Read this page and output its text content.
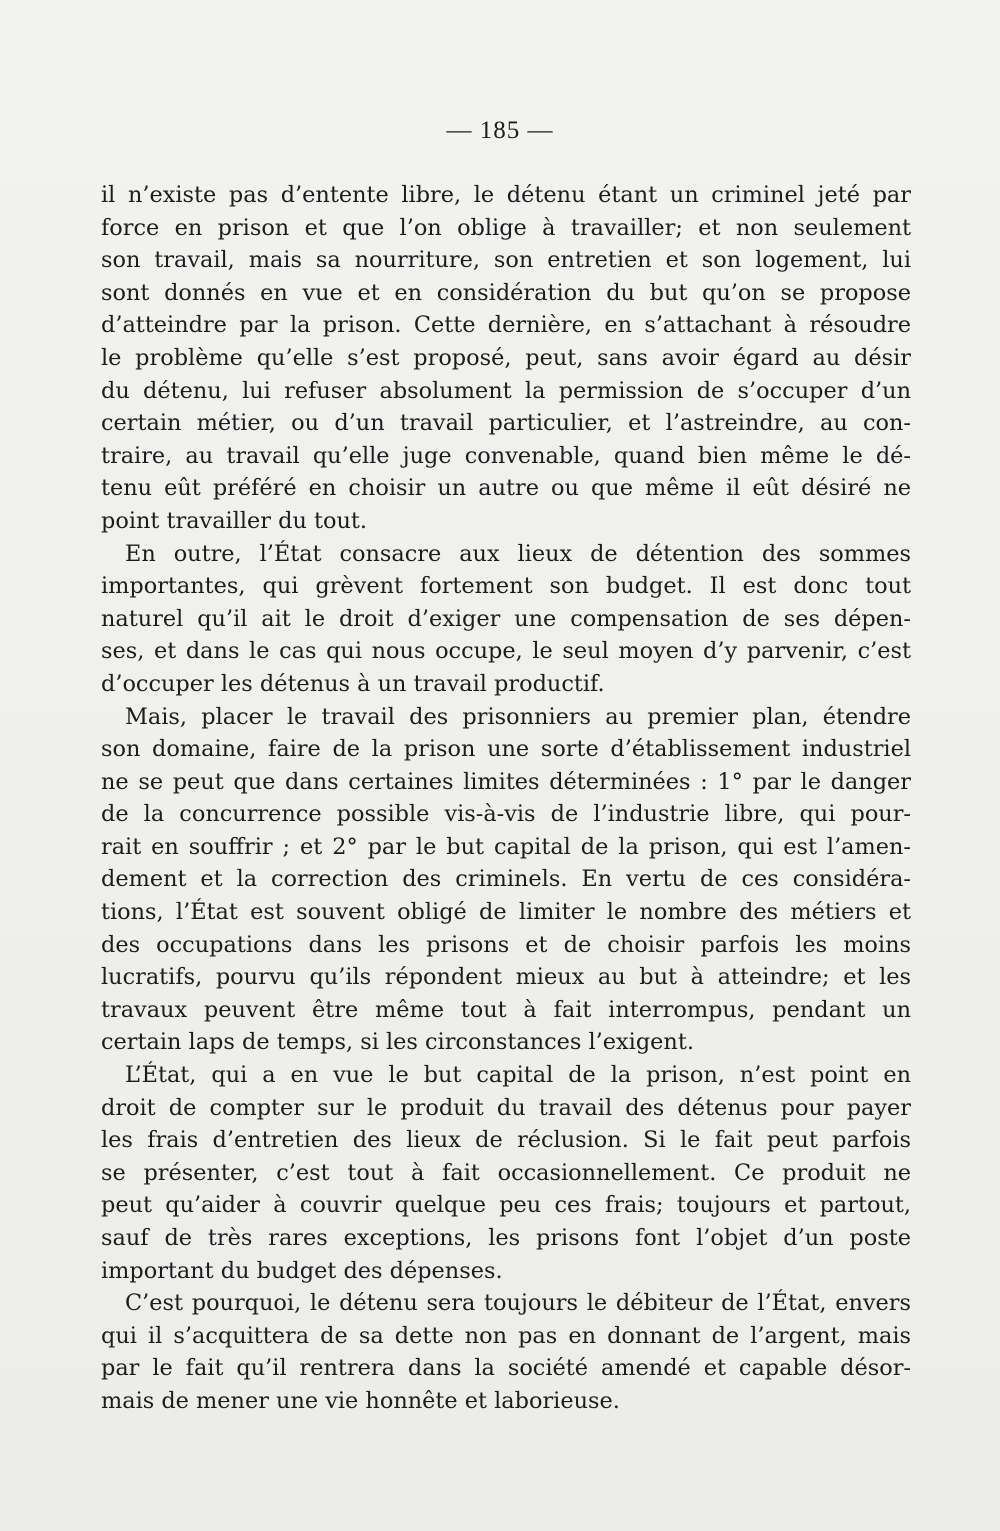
— 185 —
il n’existe pas d’entente libre, le détenu étant un criminel jeté par
force en prison et que l’on oblige à travailler; et non seulement
son travail, mais sa nourriture, son entretien et son logement, lui
sont donnés en vue et en considération du but qu’on se propose
d’atteindre par la prison. Cette dernière, en s’attachant à résoudre
le problème qu’elle s’est proposé, peut, sans avoir égard au désir
du détenu, lui refuser absolument la permission de s’occuper d’un
certain métier, ou d’un travail particulier, et l’astreindre, au con-
traire, au travail qu’elle juge convenable, quand bien même le dé-
tenu eût préféré en choisir un autre ou que même il eût désiré ne
point travailler du tout.
En outre, l’État consacre aux lieux de détention des sommes
importantes, qui grèvent fortement son budget. Il est donc tout
naturel qu’il ait le droit d’exiger une compensation de ses dépen-
ses, et dans le cas qui nous occupe, le seul moyen d’y parvenir, c’est
d’occuper les détenus à un travail productif.
Mais, placer le travail des prisonniers au premier plan, étendre
son domaine, faire de la prison une sorte d’établissement industriel
ne se peut que dans certaines limites déterminées : 1° par le danger
de la concurrence possible vis-à-vis de l’industrie libre, qui pour-
rait en souffrir ; et 2° par le but capital de la prison, qui est l’amen-
dement et la correction des criminels. En vertu de ces considéra-
tions, l’État est souvent obligé de limiter le nombre des métiers et
des occupations dans les prisons et de choisir parfois les moins
lucratifs, pourvu qu’ils répondent mieux au but à atteindre; et les
travaux peuvent être même tout à fait interrompus, pendant un
certain laps de temps, si les circonstances l’exigent.
L’État, qui a en vue le but capital de la prison, n’est point en
droit de compter sur le produit du travail des détenus pour payer
les frais d’entretien des lieux de réclusion. Si le fait peut parfois
se présenter, c’est tout à fait occasionnellement. Ce produit ne
peut qu’aider à couvrir quelque peu ces frais; toujours et partout,
sauf de très rares exceptions, les prisons font l’objet d’un poste
important du budget des dépenses.
C’est pourquoi, le détenu sera toujours le débiteur de l’État, envers
qui il s’acquittera de sa dette non pas en donnant de l’argent, mais
par le fait qu’il rentrera dans la société amendé et capable désor-
mais de mener une vie honnête et laborieuse.
